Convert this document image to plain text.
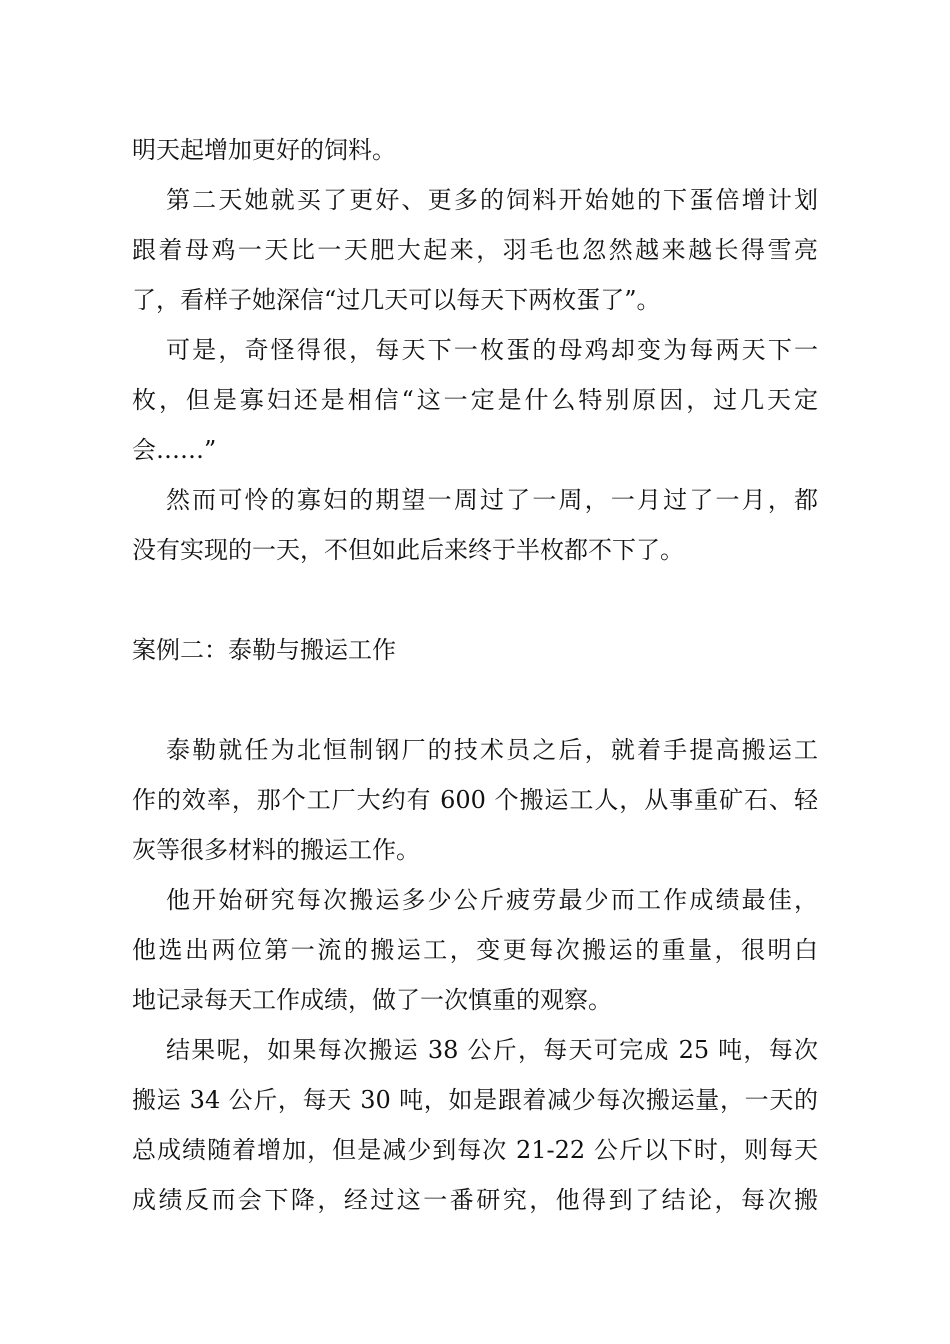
明天起增加更好的饲料。
第二天她就买了更好、更多的饲料开始她的下蛋倍增计划
跟着母鸡一天比一天肥大起来，羽毛也忽然越来越长得雪亮
了，看样子她深信“过几天可以每天下两枚蛋了”。
可是，奇怪得很，每天下一枚蛋的母鸡却变为每两天下一
枚，但是寡妇还是相信“这一定是什么特别原因，过几天定
会……”
然而可怜的寡妇的期望一周过了一周，一月过了一月，都
没有实现的一天，不但如此后来终于半枚都不下了。
案例二：泰勒与搬运工作
泰勒就任为北恒制钢厂的技术员之后，就着手提高搬运工
作的效率，那个工厂大约有 600 个搬运工人，从事重矿石、轻
灰等很多材料的搬运工作。
他开始研究每次搬运多少公斤疲劳最少而工作成绩最佳，
他选出两位第一流的搬运工，变更每次搬运的重量，很明白
地记录每天工作成绩，做了一次慎重的观察。
结果呢，如果每次搬运 38 公斤，每天可完成 25 吨，每次
搬运 34 公斤，每天 30 吨，如是跟着减少每次搬运量，一天的
总成绩随着增加，但是减少到每次 21-22 公斤以下时，则每天
成绩反而会下降，经过这一番研究，他得到了结论，每次搬
